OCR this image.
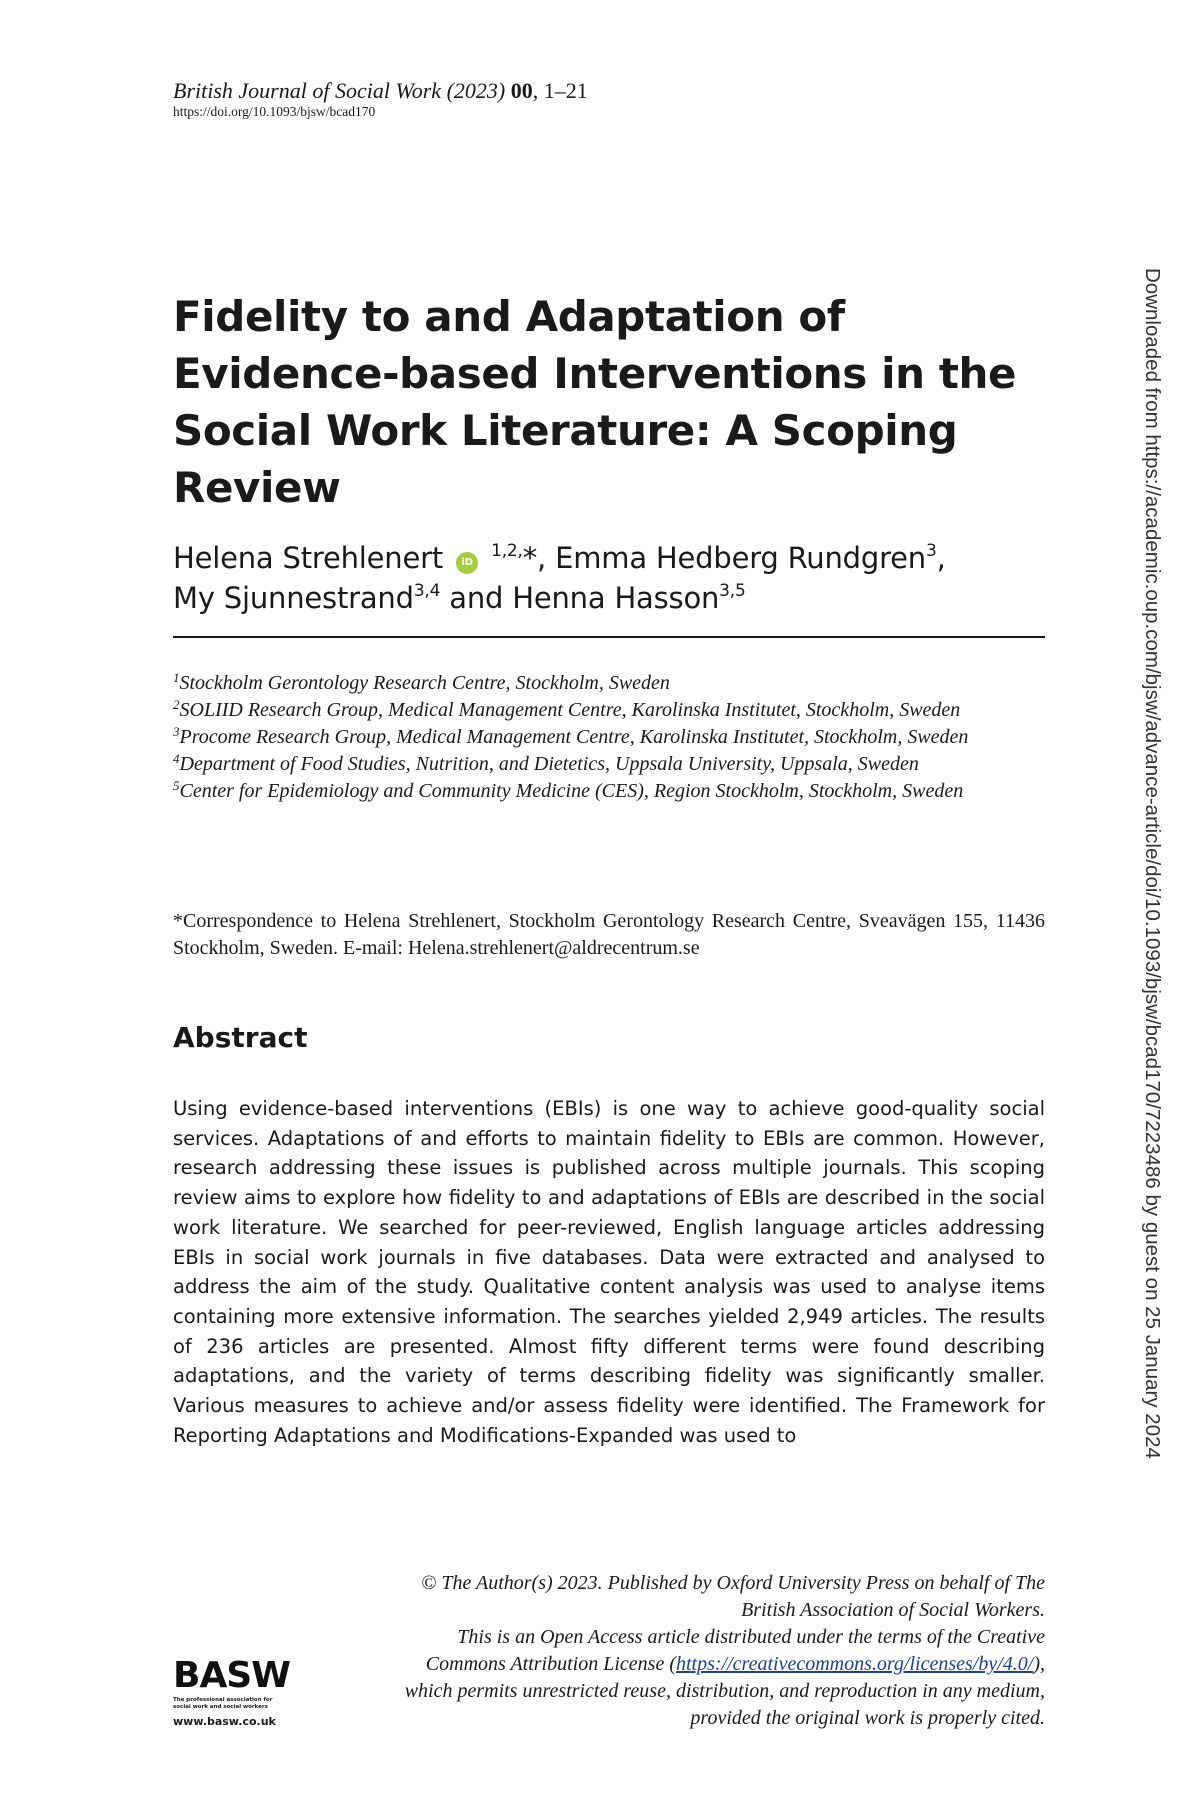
British Journal of Social Work (2023) 00, 1–21
https://doi.org/10.1093/bjsw/bcad170
Fidelity to and Adaptation of Evidence-based Interventions in the Social Work Literature: A Scoping Review
Helena Strehlenert iD $^{1,2,}$*, Emma Hedberg Rundgren$^3$,
My Sjunnestrand$^{3,4}$ and Henna Hasson$^{3,5}$
$^1$Stockholm Gerontology Research Centre, Stockholm, Sweden
$^2$SOLIID Research Group, Medical Management Centre, Karolinska Institutet, Stockholm, Sweden
$^3$Procome Research Group, Medical Management Centre, Karolinska Institutet, Stockholm, Sweden
$^4$Department of Food Studies, Nutrition, and Dietetics, Uppsala University, Uppsala, Sweden
$^5$Center for Epidemiology and Community Medicine (CES), Region Stockholm, Stockholm, Sweden
*Correspondence to Helena Strehlenert, Stockholm Gerontology Research Centre, Sveavägen 155, 11436 Stockholm, Sweden. E-mail: Helena.strehlenert@aldrecentrum.se
Abstract

Using evidence-based interventions (EBIs) is one way to achieve good-quality social services. Adaptations of and efforts to maintain fidelity to EBIs are common. However, research addressing these issues is published across multiple journals. This scoping review aims to explore how fidelity to and adaptations of EBIs are described in the social work literature. We searched for peer-reviewed, English language articles addressing EBIs in social work journals in five databases. Data were extracted and analysed to address the aim of the study. Qualitative content analysis was used to analyse items containing more extensive information. The searches yielded 2,949 articles. The results of 236 articles are presented. Almost fifty different terms were found describing adaptations, and the variety of terms describing fidelity was significantly smaller. Various measures to achieve and/or assess fidelity were identified. The Framework for Reporting Adaptations and Modifications-Expanded was used to

© The Author(s) 2023. Published by Oxford University Press on behalf of The British Association of Social Workers.
This is an Open Access article distributed under the terms of the Creative Commons Attribution License (https://creativecommons.org/licenses/by/4.0/), which permits unrestricted reuse, distribution, and reproduction in any medium, provided the original work is properly cited.

BASW
The professional association for social work and social workers
www.basw.co.uk
Downloaded from https://academic.oup.com/bjsw/advance-article/doi/10.1093/bjsw/bcad170/7223486 by guest on 25 January 2024
